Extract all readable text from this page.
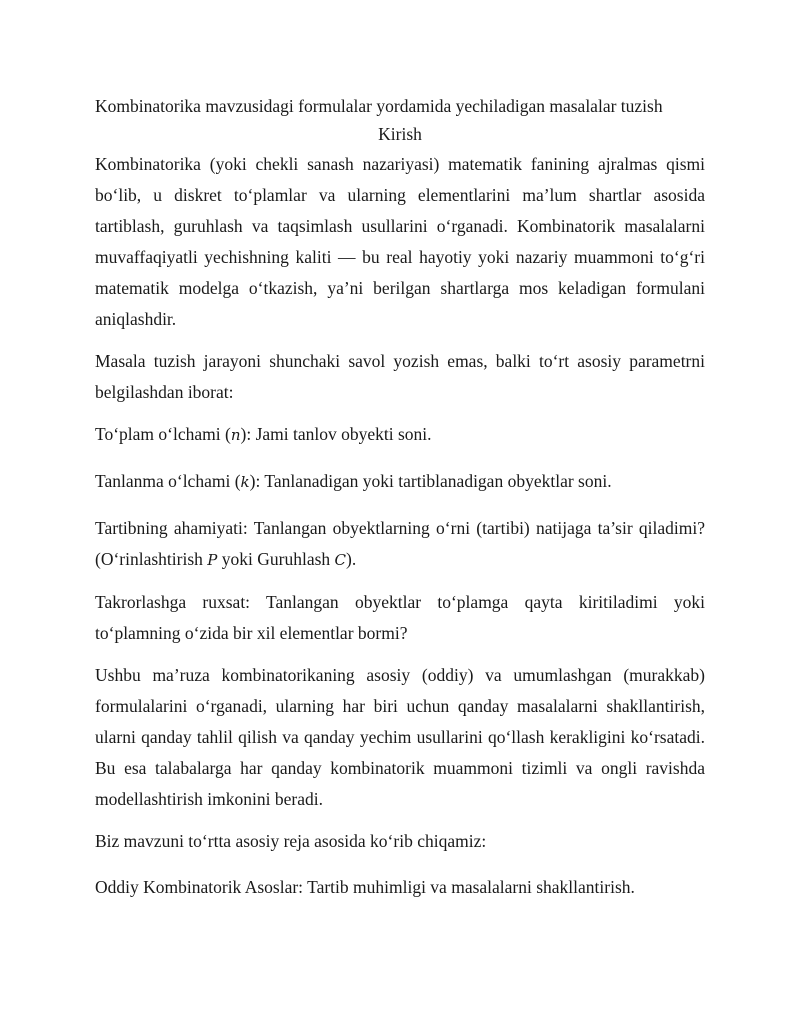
Kombinatorika mavzusidagi formulalar yordamida yechiladigan masalalar tuzish
Kirish

Kombinatorika (yoki chekli sanash nazariyasi) matematik fanining ajralmas qismi bo‘lib, u diskret to‘plamlar va ularning elementlarini ma’lum shartlar asosida tartiblash, guruhlash va taqsimlash usullarini o‘rganadi. Kombinatorik masalalarni muvaffaqiyatli yechishning kaliti — bu real hayotiy yoki nazariy muammoni to‘g‘ri matematik modelga o‘tkazish, ya’ni berilgan shartlarga mos keladigan formulani aniqlashdir.

Masala tuzish jarayoni shunchaki savol yozish emas, balki to‘rt asosiy parametrni belgilashdan iborat:

To‘plam o‘lchami (n): Jami tanlov obyekti soni.

Tanlanma o‘lchami (k): Tanlanadigan yoki tartiblanadigan obyektlar soni.

Tartibning ahamiyati: Tanlangan obyektlarning o‘rni (tartibi) natijaga ta’sir qiladimi? (O‘rinlashtirish P yoki Guruhlash C).

Takrorlashga ruxsat: Tanlangan obyektlar to‘plamga qayta kiritiladimi yoki to‘plamning o‘zida bir xil elementlar bormi?

Ushbu ma’ruza kombinatorikaning asosiy (oddiy) va umumlashgan (murakkab) formulalarini o‘rganadi, ularning har biri uchun qanday masalalarni shakllantirish, ularni qanday tahlil qilish va qanday yechim usullarini qo‘llash kerakligini ko‘rsatadi. Bu esa talabalarga har qanday kombinatorik muammoni tizimli va ongli ravishda modellashtirish imkonini beradi.

Biz mavzuni to‘rtta asosiy reja asosida ko‘rib chiqamiz:

Oddiy Kombinatorik Asoslar: Tartib muhimligi va masalalarni shakllantirish.
